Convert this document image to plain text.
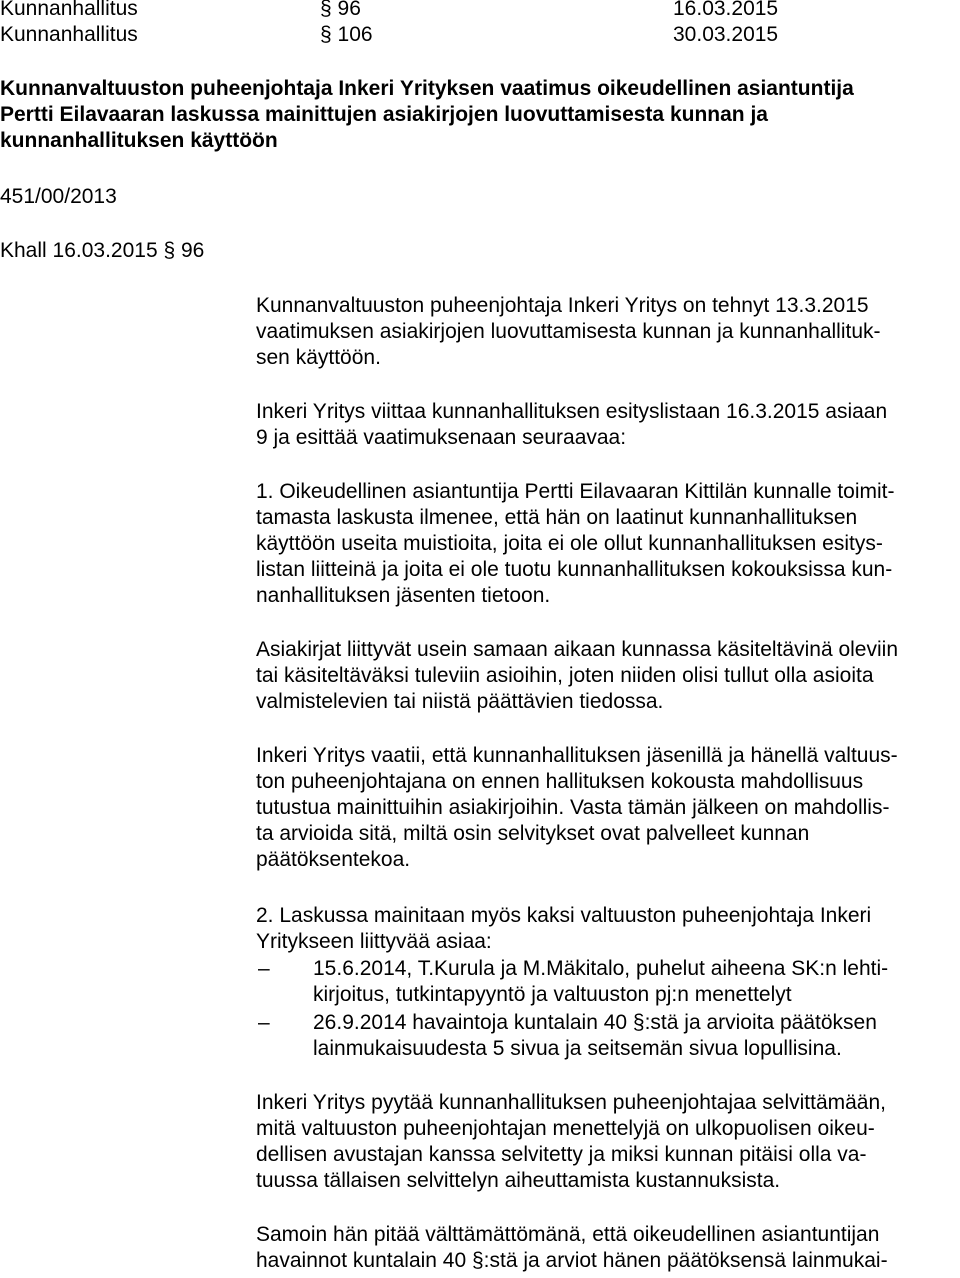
Kunnanhallitus	§ 96	16.03.2015
Kunnanhallitus	§ 106	30.03.2015
Kunnanvaltuuston puheenjohtaja Inkeri Yrityksen vaatimus oikeudellinen asiantuntija
Pertti Eilavaaran laskussa mainittujen asiakirjojen luovuttamisesta kunnan ja
kunnanhallituksen käyttöön
451/00/2013
Khall 16.03.2015 § 96
Kunnanvaltuuston puheenjohtaja Inkeri Yritys on tehnyt 13.3.2015
vaatimuksen asiakirjojen luovuttamisesta kunnan ja kunnanhallituk-
sen käyttöön.
Inkeri Yritys viittaa kunnanhallituksen esityslistaan 16.3.2015 asiaan
9 ja esittää vaatimuksenaan seuraavaa:
1. Oikeudellinen asiantuntija Pertti Eilavaaran Kittilän kunnalle toimit-
tamasta laskusta ilmenee, että hän on laatinut kunnanhallituksen
käyttöön useita muistioita, joita ei ole ollut kunnanhallituksen esitys-
listan liitteinä ja joita ei ole tuotu kunnanhallituksen kokouksissa kun-
nanhallituksen jäsenten tietoon.
Asiakirjat liittyvät usein samaan aikaan kunnassa käsiteltävinä oleviin
tai käsiteltäväksi tuleviin asioihin, joten niiden olisi tullut olla asioita
valmistelevien tai niistä päättävien tiedossa.
Inkeri Yritys vaatii, että kunnanhallituksen jäsenillä ja hänellä valtuus-
ton puheenjohtajana on ennen hallituksen kokousta mahdollisuus
tutustua mainittuihin asiakirjoihin. Vasta tämän jälkeen on mahdollis-
ta arvioida sitä, miltä osin selvitykset ovat palvelleet kunnan
päätöksentekoa.
2. Laskussa mainitaan myös kaksi valtuuston puheenjohtaja Inkeri
Yritykseen liittyvää asiaa:
– 15.6.2014, T.Kurula ja M.Mäkitalo, puhelut aiheena SK:n lehti-
kirjoitus, tutkintapyyntö ja valtuuston pj:n menettelyt
– 26.9.2014 havaintoja kuntalain 40 §:stä ja arvioita päätöksen
lainmukaisuudesta 5 sivua ja seitsemän sivua lopullisina.
Inkeri Yritys pyytää kunnanhallituksen puheenjohtajaa selvittämään,
mitä valtuuston puheenjohtajan menettelyjä on ulkopuolisen oikeu-
dellisen avustajan kanssa selvitetty ja miksi kunnan pitäisi olla va-
tuussa tällaisen selvittelyn aiheuttamista kustannuksista.
Samoin hän pitää välttämättömänä, että oikeudellinen asiantuntijan
havainnot kuntalain 40 §:stä ja arviot hänen päätöksensä lainmukai-
